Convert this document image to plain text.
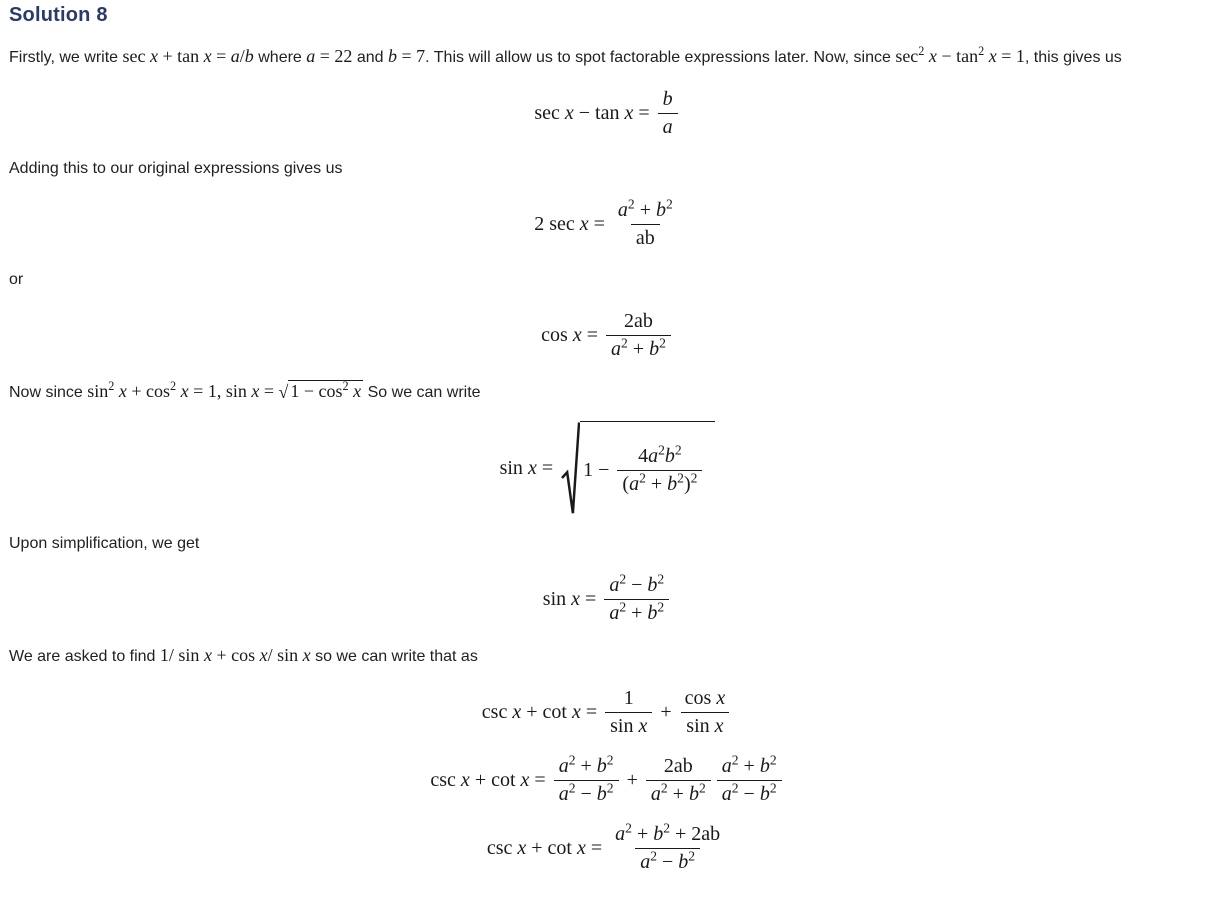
Solution 8

Firstly, we write sec x + tan x = a/b where a = 22 and b = 7. This will allow us to spot factorable expressions later. Now, since $\sec^2 x - \tan^2 x = 1$, this gives us

$\sec x - \tan x = \frac{b}{a}$

Adding this to our original expressions gives us

2 $\sec x = \frac{a^2 + b^2}{ab}$

or

$\cos x = \frac{2ab}{a^2 + b^2}$

Now since $\sin^2 x + \cos^2 x = 1$, sin x = √ $1 - \cos^2 x$ So we can write

$\sin x = 1 - \frac{4a^2b^2}{(a^2 + b^2)^2}$

Upon simplification, we get

$\sin x = \frac{a^2 - b^2}{a^2 + b^2}$

We are asked to find 1/ sin x + cos x/ sin x so we can write that as

$\csc x + \cot x = \frac{1}{\text{sin x}} + \frac{\text{cos x}}{\text{sin x}}$
$\csc x + \cot x = \frac{a^2 + b^2}{a^2 - b^2} + \frac{2ab}{a^2 + b^2} \frac{a^2 + b^2}{a^2 - b^2}$
$\csc x + \cot x = \frac{a^2 + b^2 + 2ab}{a^2 - b^2}$
